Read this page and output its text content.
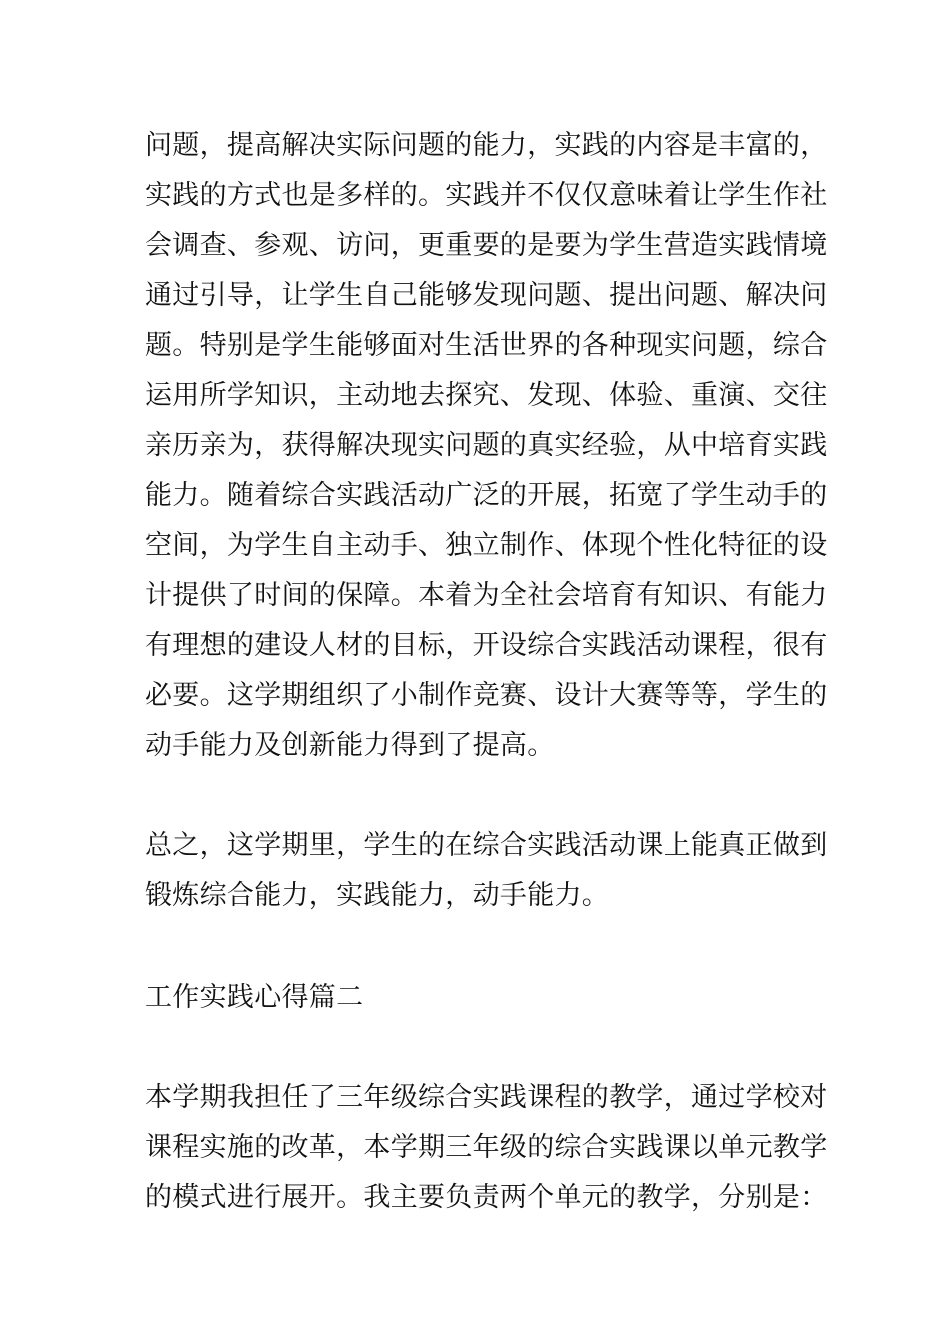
问题，提高解决实际问题的能力，实践的内容是丰富的，
实践的方式也是多样的。实践并不仅仅意味着让学生作社
会调查、参观、访问，更重要的是要为学生营造实践情境
通过引导，让学生自己能够发现问题、提出问题、解决问
题。特别是学生能够面对生活世界的各种现实问题，综合
运用所学知识，主动地去探究、发现、体验、重演、交往
亲历亲为，获得解决现实问题的真实经验，从中培育实践
能力。随着综合实践活动广泛的开展，拓宽了学生动手的
空间，为学生自主动手、独立制作、体现个性化特征的设
计提供了时间的保障。本着为全社会培育有知识、有能力
有理想的建设人材的目标，开设综合实践活动课程，很有
必要。这学期组织了小制作竞赛、设计大赛等等，学生的
动手能力及创新能力得到了提高。
总之，这学期里，学生的在综合实践活动课上能真正做到
锻炼综合能力，实践能力，动手能力。
工作实践心得篇二
本学期我担任了三年级综合实践课程的教学，通过学校对
课程实施的改革，本学期三年级的综合实践课以单元教学
的模式进行展开。我主要负责两个单元的教学，分别是：
